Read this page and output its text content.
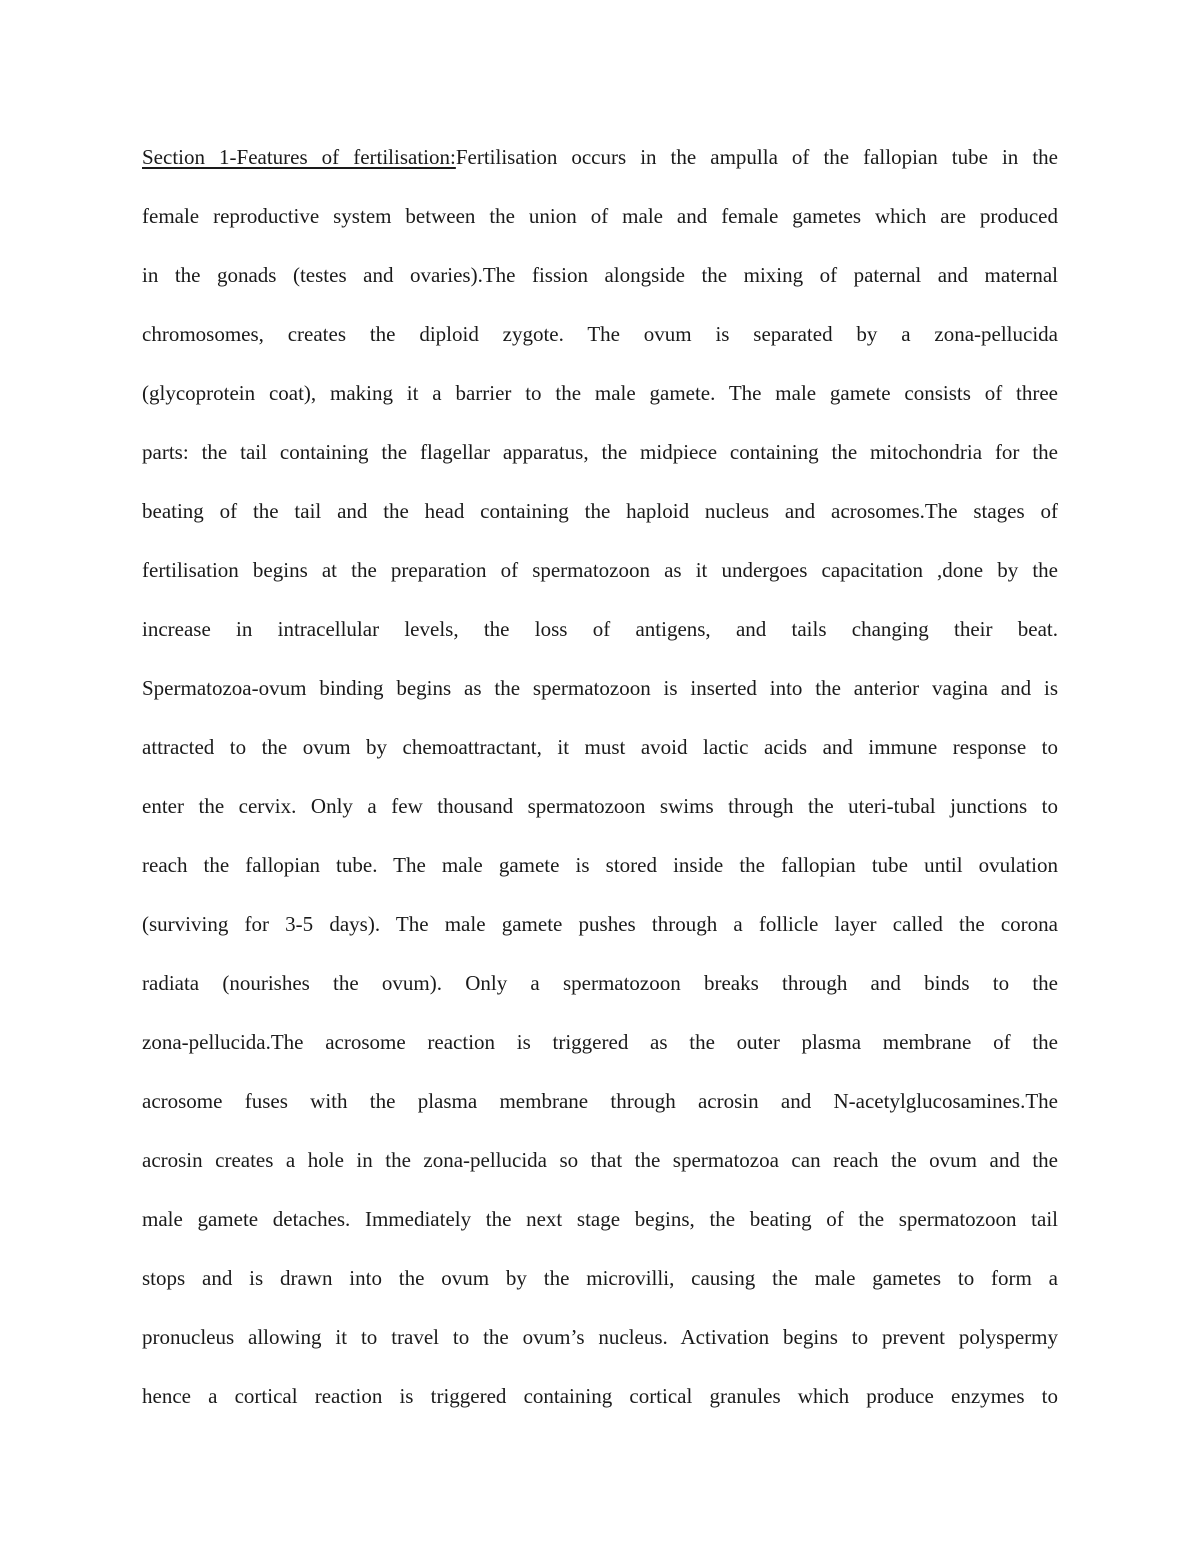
Section 1-Features of fertilisation:Fertilisation occurs in the ampulla of the fallopian tube in the
female reproductive system between the union of male and female gametes which are produced
in the gonads (testes and ovaries).The fission alongside the mixing of paternal and maternal
chromosomes, creates the diploid zygote. The ovum is separated by a zona-pellucida
(glycoprotein coat), making it a barrier to the male gamete. The male gamete consists of three
parts: the tail containing the flagellar apparatus, the midpiece containing the mitochondria for the
beating of the tail and the head containing the haploid nucleus and acrosomes.The stages of
fertilisation begins at the preparation of spermatozoon as it undergoes capacitation ,done by the
increase in intracellular levels, the loss of antigens, and tails changing their beat.
Spermatozoa-ovum binding begins as the spermatozoon is inserted into the anterior vagina and is
attracted to the ovum by chemoattractant, it must avoid lactic acids and immune response to
enter the cervix. Only a few thousand spermatozoon swims through the uteri-tubal junctions to
reach the fallopian tube. The male gamete is stored inside the fallopian tube until ovulation
(surviving for 3-5 days). The male gamete pushes through a follicle layer called the corona
radiata (nourishes the ovum). Only a spermatozoon breaks through and binds to the
zona-pellucida.The acrosome reaction is triggered as the outer plasma membrane of the
acrosome fuses with the plasma membrane through acrosin and N-acetylglucosamines.The
acrosin creates a hole in the zona-pellucida so that the spermatozoa can reach the ovum and the
male gamete detaches. Immediately the next stage begins, the beating of the spermatozoon tail
stops and is drawn into the ovum by the microvilli, causing the male gametes to form a
pronucleus allowing it to travel to the ovum’s nucleus. Activation begins to prevent polyspermy
hence a cortical reaction is triggered containing cortical granules which produce enzymes to
